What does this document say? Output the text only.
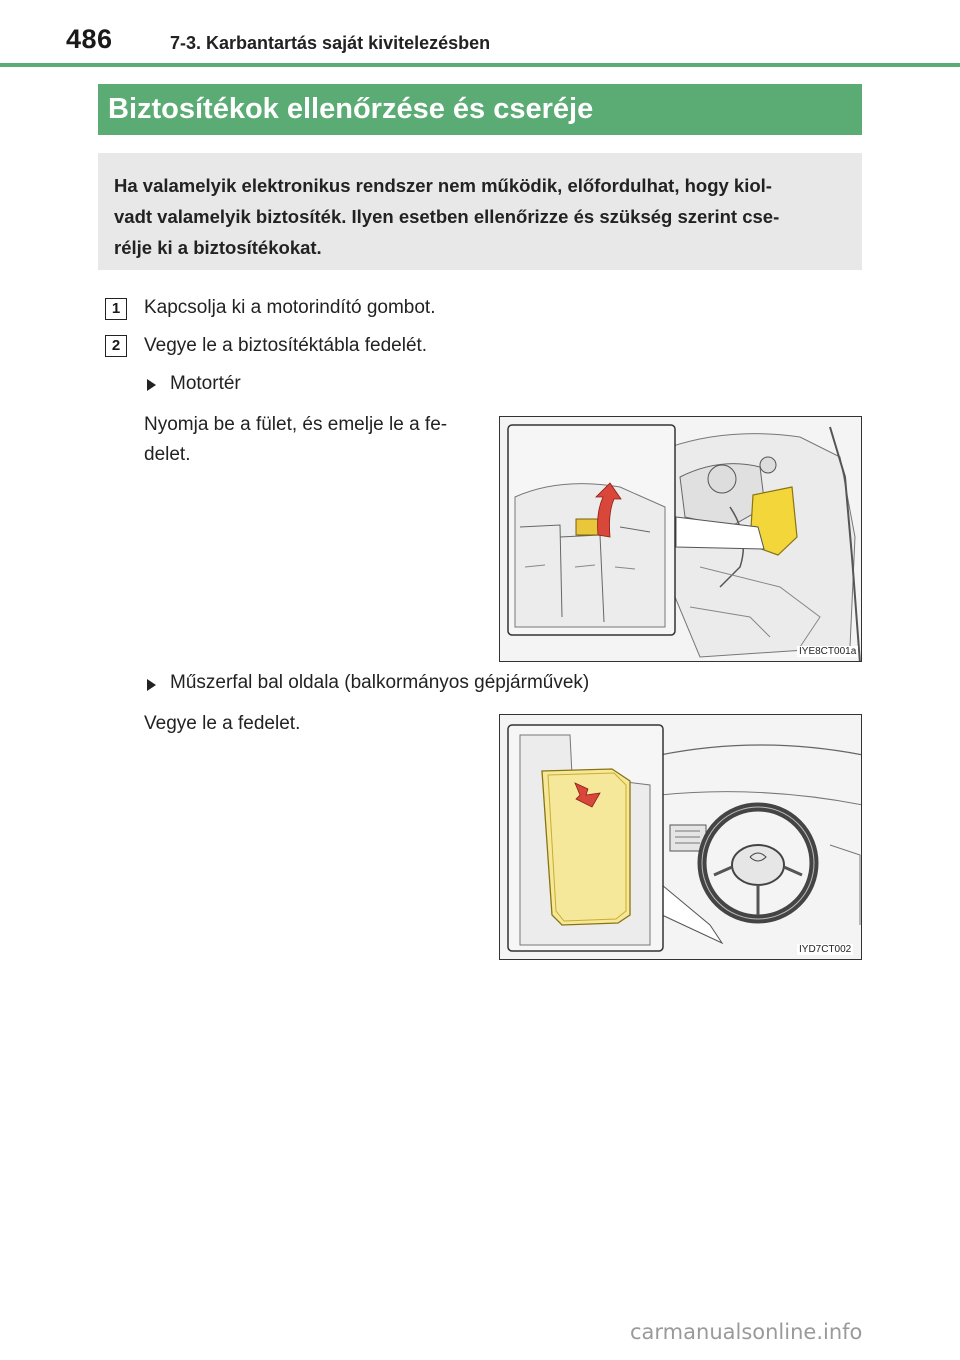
486	7-3. Karbantartás saját kivitelezésben
Biztosítékok ellenőrzése és cseréje
Ha valamelyik elektronikus rendszer nem működik, előfordulhat, hogy kiol-
vadt valamelyik biztosíték. Ilyen esetben ellenőrizze és szükség szerint cse-
rélje ki a biztosítékokat.
1	Kapcsolja ki a motorindító gombot.
2	Vegye le a biztosítéktábla fedelét.
Motortér
Nyomja be a fület, és emelje le a fe-
delet.
IYE8CT001a
Műszerfal bal oldala (balkormányos gépjárművek)
Vegye le a fedelet.
IYD7CT002
carmanualsonline.info
